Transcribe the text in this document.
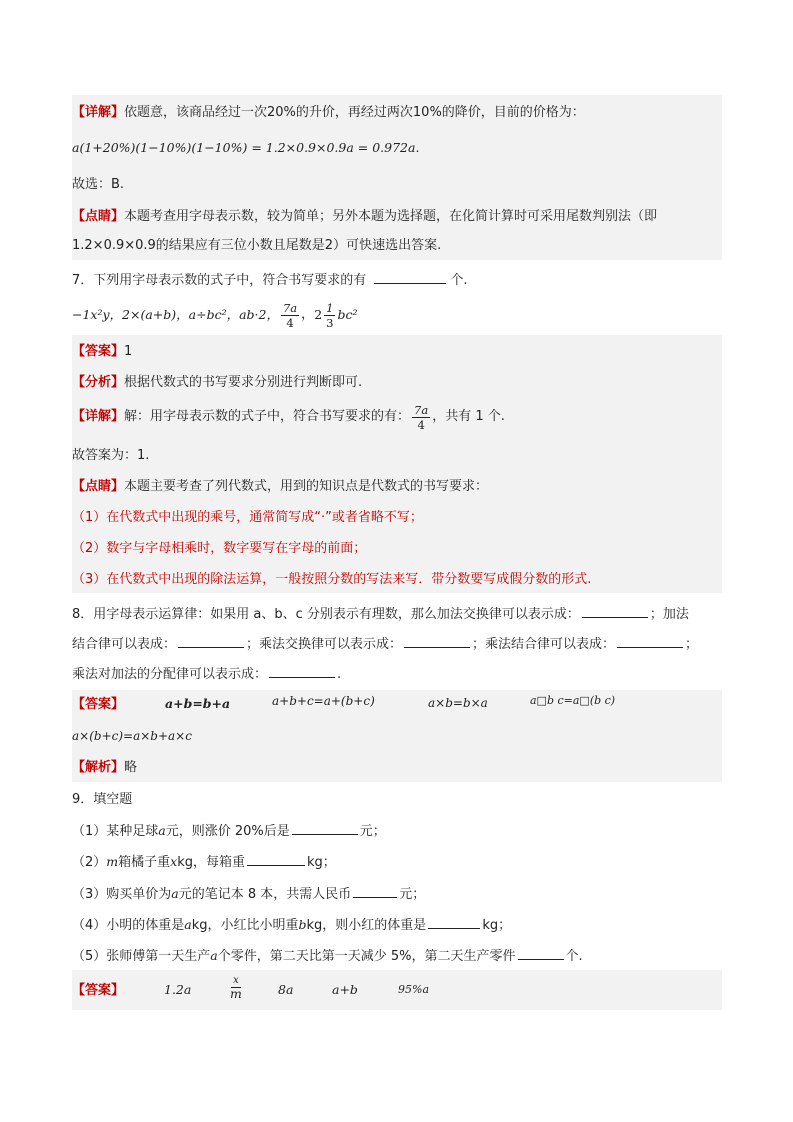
【详解】依题意，该商品经过一次20%的升价，再经过两次10%的降价，目前的价格为：
a(1+20%)(1−10%)(1−10%) = 1.2×0.9×0.9a = 0.972a.
故选：B.
【点睛】本题考查用字母表示数，较为简单；另外本题为选择题，在化简计算时可采用尾数判别法（即
1.2×0.9×0.9的结果应有三位小数且尾数是2）可快速选出答案.
7．下列用字母表示数的式子中，符合书写要求的有	个.
−1x²y，2×(a+b)，a÷bc²，ab·2， $\frac{7a}{4}$ ， $2 \frac{1}{3} bc^2$
【答案】1
【分析】根据代数式的书写要求分别进行判断即可.
【详解】 解：用字母表示数的式子中，符合书写要求的有： $\frac{7a}{4}$ ，共有 1 个.
故答案为：1.
【点睛】本题主要考查了列代数式，用到的知识点是代数式的书写要求：
（1）在代数式中出现的乘号，通常简写成“·”或者省略不写；
（2）数字与字母相乘时，数字要写在字母的前面；
（3）在代数式中出现的除法运算，一般按照分数的写法来写．带分数要写成假分数的形式.
8．用字母表示运算律：如果用 a、b、c 分别表示有理数，那么加法交换律可以表示成：	；加法
结合律可以表成：	；乘法交换律可以表示成：	；乘法结合律可以表成：	；
乘法对加法的分配律可以表示成：	.
【答案】	a+b=b+a	a+b+c=a+(b+c)	a×b=b×a	a□b c=a□(b c)
a×(b+c)=a×b+a×c
【解析】略
9．填空题
（1）某种足球a元，则涨价 20%后是	元；
（2）m箱橘子重xkg，每箱重	kg；
（3）购买单价为a元的笔记本 8 本，共需人民币	元；
（4）小明的体重是akg，小红比小明重bkg，则小红的体重是	kg；
（5）张师傅第一天生产a个零件，第二天比第一天减少 5%，第二天生产零件	个.
【答案】	1.2a	$\frac{x}{m}$	8a	a+b	95%a
